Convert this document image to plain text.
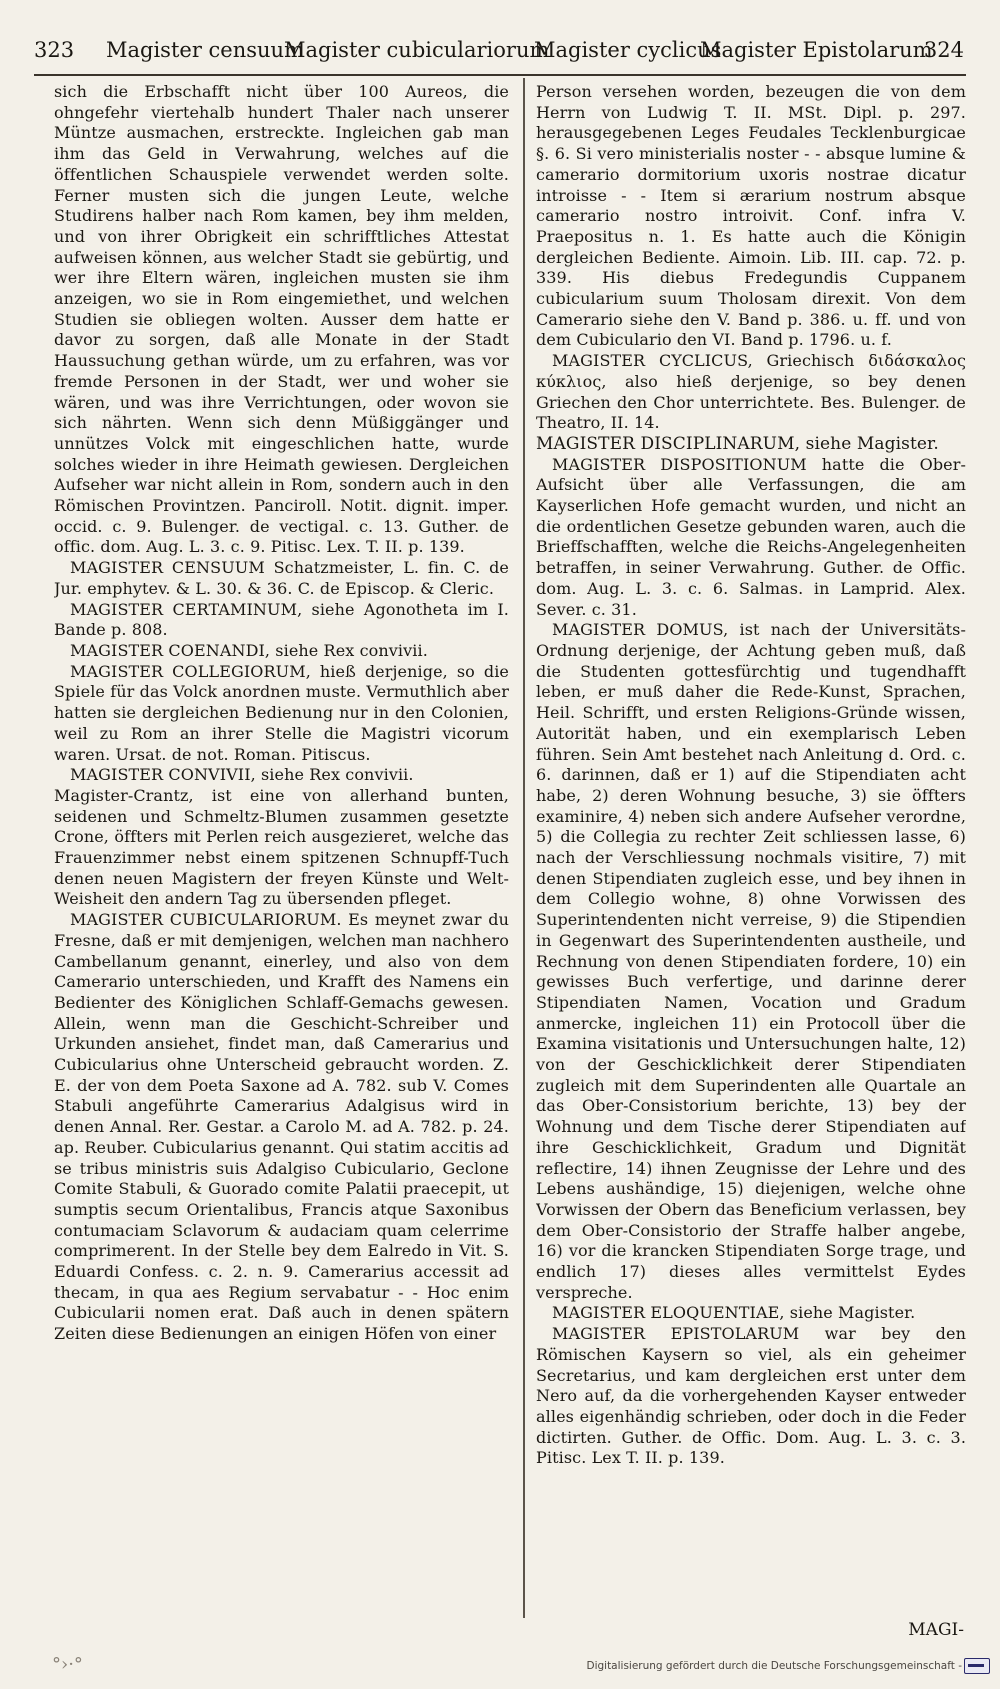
323 Magister censuum
Magister cubiculariorum
Magister cyclicus
Magister Epistolarum
324

sich die Erbschafft nicht über 100 Aureos, die ohngefehr viertehalb hundert Thaler nach unserer Müntze ausmachen, erstreckte. Ingleichen gab man ihm das Geld in Verwahrung, welches auf die öffentlichen Schauspiele verwendet werden solte. Ferner musten sich die jungen Leute, welche Studirens halber nach Rom kamen, bey ihm melden, und von ihrer Obrigkeit ein schrifftliches Attestat aufweisen können, aus welcher Stadt sie gebürtig, und wer ihre Eltern wären, ingleichen musten sie ihm anzeigen, wo sie in Rom eingemiethet, und welchen Studien sie obliegen wolten. Ausser dem hatte er davor zu sorgen, daß alle Monate in der Stadt Haussuchung gethan würde, um zu erfahren, was vor fremde Personen in der Stadt, wer und woher sie wären, und was ihre Verrichtungen, oder wovon sie sich nährten. Wenn sich denn Müßiggänger und unnützes Volck mit eingeschlichen hatte, wurde solches wieder in ihre Heimath gewiesen. Dergleichen Aufseher war nicht allein in Rom, sondern auch in den Römischen Provintzen. Panciroll. Notit. dignit. imper. occid. c. 9. Bulenger. de vectigal. c. 13. Guther. de offic. dom. Aug. L. 3. c. 9. Pitisc. Lex. T. II. p. 139.

MAGISTER CENSUUM Schatzmeister, L. fin. C. de Jur. emphytev. & L. 30. & 36. C. de Episcop. & Cleric.

MAGISTER CERTAMINUM, siehe Agonotheta im I. Bande p. 808.

MAGISTER COENANDI, siehe Rex convivii.

MAGISTER COLLEGIORUM, hieß derjenige, so die Spiele für das Volck anordnen muste. Vermuthlich aber hatten sie dergleichen Bedienung nur in den Colonien, weil zu Rom an ihrer Stelle die Magistri vicorum waren. Ursat. de not. Roman. Pitiscus.

MAGISTER CONVIVII, siehe Rex convivii.

Magister-Crantz, ist eine von allerhand bunten, seidenen und Schmeltz-Blumen zusammen gesetzte Crone, öffters mit Perlen reich ausgezieret, welche das Frauenzimmer nebst einem spitzenen Schnupff-Tuch denen neuen Magistern der freyen Künste und Welt-Weisheit den andern Tag zu übersenden pfleget.

MAGISTER CUBICULARIORUM. Es meynet zwar du Fresne, daß er mit demjenigen, welchen man nachhero Cambellanum genannt, einerley, und also von dem Camerario unterschieden, und Krafft des Namens ein Bedienter des Königlichen Schlaff-Gemachs gewesen. Allein, wenn man die Geschicht-Schreiber und Urkunden ansiehet, findet man, daß Camerarius und Cubicularius ohne Unterscheid gebraucht worden. Z. E. der von dem Poeta Saxone ad A. 782. sub V. Comes Stabuli angeführte Camerarius Adalgisus wird in denen Annal. Rer. Gestar. a Carolo M. ad A. 782. p. 24. ap. Reuber. Cubicularius genannt. Qui statim accitis ad se tribus ministris suis Adalgiso Cubiculario, Geclone Comite Stabuli, & Guorado comite Palatii praecepit, ut sumptis secum Orientalibus, Francis atque Saxonibus contumaciam Sclavorum & audaciam quam celerrime comprimerent. In der Stelle bey dem Ealredo in Vit. S. Eduardi Confess. c. 2. n. 9. Camerarius accessit ad thecam, in qua aes Regium servabatur - - Hoc enim Cubicularii nomen erat. Daß auch in denen spätern Zeiten diese Bedienungen an einigen Höfen von einer

Person versehen worden, bezeugen die von dem Herrn von Ludwig T. II. MSt. Dipl. p. 297. herausgegebenen Leges Feudales Tecklenburgicae §. 6. Si vero ministerialis noster - - absque lumine & camerario dormitorium uxoris nostrae dicatur introisse - - Item si ærarium nostrum absque camerario nostro introivit. Conf. infra V. Praepositus n. 1. Es hatte auch die Königin dergleichen Bediente. Aimoin. Lib. III. cap. 72. p. 339. His diebus Fredegundis Cuppanem cubicularium suum Tholosam direxit. Von dem Camerario siehe den V. Band p. 386. u. ff. und von dem Cubiculario den VI. Band p. 1796. u. f.

MAGISTER CYCLICUS, Griechisch διδάσκαλος κύκλιος, also hieß derjenige, so bey denen Griechen den Chor unterrichtete. Bes. Bulenger. de Theatro, II. 14.

MAGISTER DISCIPLINARUM, siehe Magister.

MAGISTER DISPOSITIONUM hatte die Ober-Aufsicht über alle Verfassungen, die am Kayserlichen Hofe gemacht wurden, und nicht an die ordentlichen Gesetze gebunden waren, auch die Brieffschafften, welche die Reichs-Angelegenheiten betraffen, in seiner Verwahrung. Guther. de Offic. dom. Aug. L. 3. c. 6. Salmas. in Lamprid. Alex. Sever. c. 31.

MAGISTER DOMUS, ist nach der Universitäts-Ordnung derjenige, der Achtung geben muß, daß die Studenten gottesfürchtig und tugendhafft leben, er muß daher die Rede-Kunst, Sprachen, Heil. Schrifft, und ersten Religions-Gründe wissen, Autorität haben, und ein exemplarisch Leben führen. Sein Amt bestehet nach Anleitung d. Ord. c. 6. darinnen, daß er 1) auf die Stipendiaten acht habe, 2) deren Wohnung besuche, 3) sie öffters examinire, 4) neben sich andere Aufseher verordne, 5) die Collegia zu rechter Zeit schliessen lasse, 6) nach der Verschliessung nochmals visitire, 7) mit denen Stipendiaten zugleich esse, und bey ihnen in dem Collegio wohne, 8) ohne Vorwissen des Superintendenten nicht verreise, 9) die Stipendien in Gegenwart des Superintendenten austheile, und Rechnung von denen Stipendiaten fordere, 10) ein gewisses Buch verfertige, und darinne derer Stipendiaten Namen, Vocation und Gradum anmercke, ingleichen 11) ein Protocoll über die Examina visitationis und Untersuchungen halte, 12) von der Geschicklichkeit derer Stipendiaten zugleich mit dem Superindenten alle Quartale an das Ober-Consistorium berichte, 13) bey der Wohnung und dem Tische derer Stipendiaten auf ihre Geschicklichkeit, Gradum und Dignität reflectire, 14) ihnen Zeugnisse der Lehre und des Lebens aushändige, 15) diejenigen, welche ohne Vorwissen der Obern das Beneficium verlassen, bey dem Ober-Consistorio der Straffe halber angebe, 16) vor die krancken Stipendiaten Sorge trage, und endlich 17) dieses alles vermittelst Eydes verspreche.

MAGISTER ELOQUENTIAE, siehe Magister.

MAGISTER EPISTOLARUM war bey den Römischen Kaysern so viel, als ein geheimer Secretarius, und kam dergleichen erst unter dem Nero auf, da die vorhergehenden Kayser entweder alles eigenhändig schrieben, oder doch in die Feder dictirten. Guther. de Offic. Dom. Aug. L. 3. c. 3. Pitisc. Lex T. II. p. 139.

MAGI-
°›·°	Digitalisierung gefördert durch die Deutsche Forschungsgemeinschaft -
